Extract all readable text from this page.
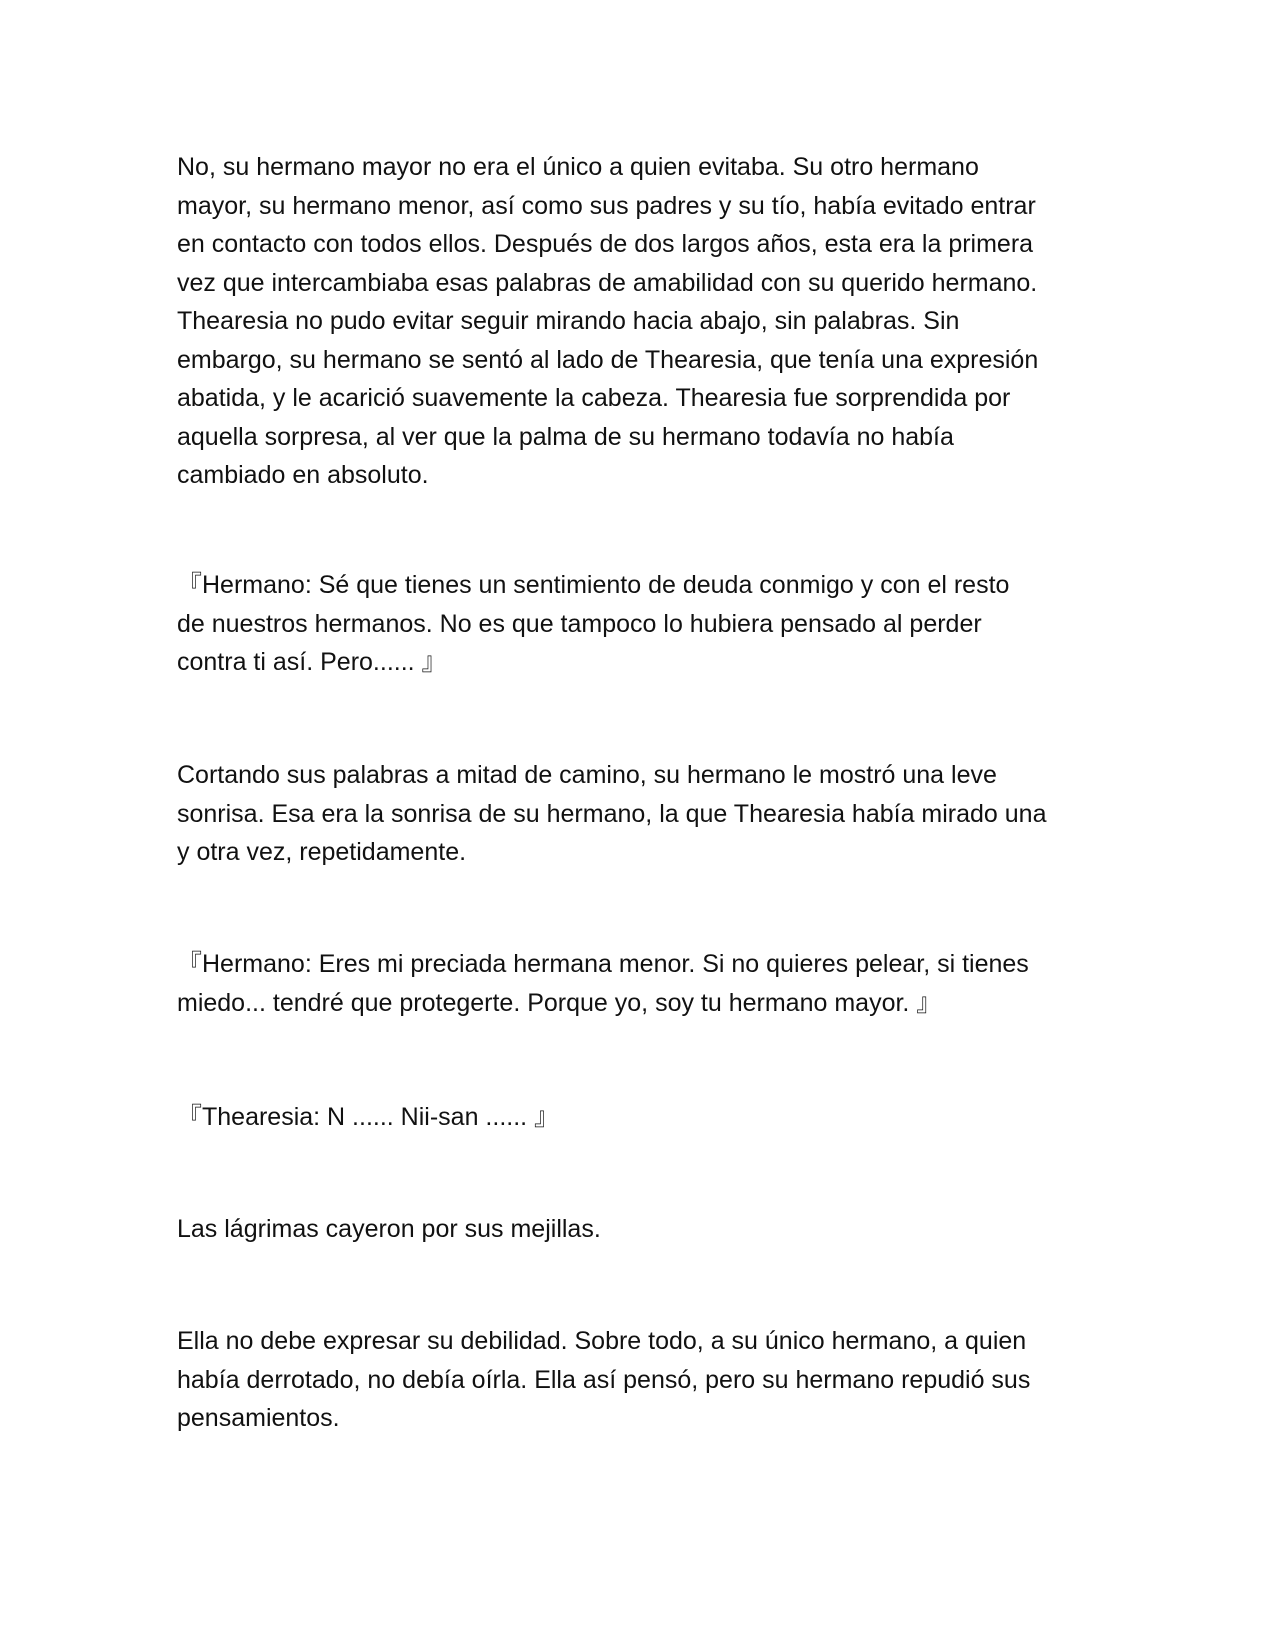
No, su hermano mayor no era el único a quien evitaba. Su otro hermano
mayor, su hermano menor, así como sus padres y su tío, había evitado entrar
en contacto con todos ellos. Después de dos largos años, esta era la primera
vez que intercambiaba esas palabras de amabilidad con su querido hermano.
Thearesia no pudo evitar seguir mirando hacia abajo, sin palabras. Sin
embargo, su hermano se sentó al lado de Thearesia, que tenía una expresión
abatida, y le acarició suavemente la cabeza. Thearesia fue sorprendida por
aquella sorpresa, al ver que la palma de su hermano todavía no había
cambiado en absoluto.

『Hermano: Sé que tienes un sentimiento de deuda conmigo y con el resto
de nuestros hermanos. No es que tampoco lo hubiera pensado al perder
contra ti así. Pero...... 』

Cortando sus palabras a mitad de camino, su hermano le mostró una leve
sonrisa. Esa era la sonrisa de su hermano, la que Thearesia había mirado una
y otra vez, repetidamente.

『Hermano: Eres mi preciada hermana menor. Si no quieres pelear, si tienes
miedo... tendré que protegerte. Porque yo, soy tu hermano mayor. 』

『Thearesia: N ...... Nii-san ...... 』

Las lágrimas cayeron por sus mejillas.

Ella no debe expresar su debilidad. Sobre todo, a su único hermano, a quien
había derrotado, no debía oírla. Ella así pensó, pero su hermano repudió sus
pensamientos.
